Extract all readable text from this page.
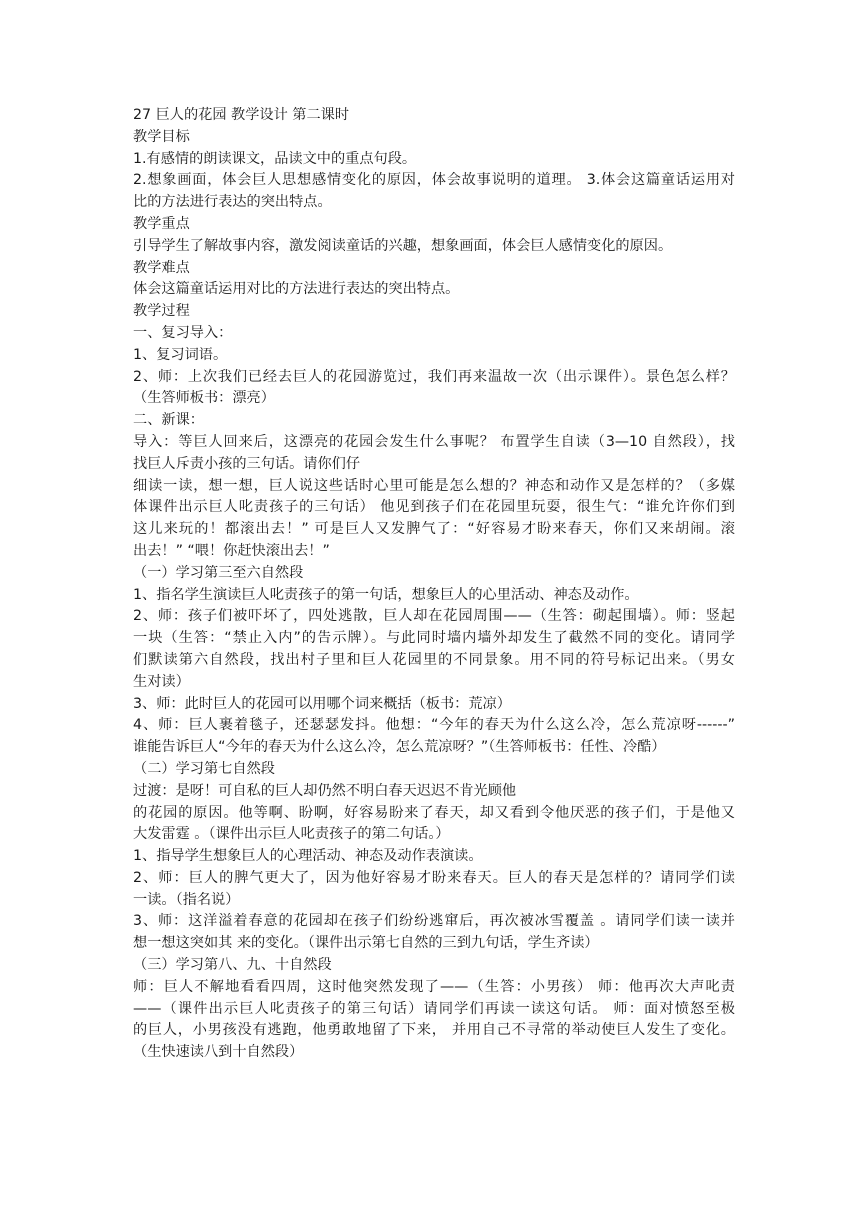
27 巨人的花园 教学设计 第二课时
教学目标
1.有感情的朗读课文，品读文中的重点句段。
2.想象画面，体会巨人思想感情变化的原因，体会故事说明的道理。 3.体会这篇童话运用对
比的方法进行表达的突出特点。
教学重点
引导学生了解故事内容，激发阅读童话的兴趣，想象画面，体会巨人感情变化的原因。
教学难点
体会这篇童话运用对比的方法进行表达的突出特点。
教学过程
一、复习导入：
1、复习词语。
2、师：上次我们已经去巨人的花园游览过，我们再来温故一次（出示课件）。景色怎么样？
（生答师板书：漂亮）
二、新课：
导入：等巨人回来后，这漂亮的花园会发生什么事呢？ 布置学生自读（3—10 自然段），找
找巨人斥责小孩的三句话。请你们仔
细读一读，想一想，巨人说这些话时心里可能是怎么想的？神态和动作又是怎样的？（多媒
体课件出示巨人叱责孩子的三句话） 他见到孩子们在花园里玩耍，很生气：“谁允许你们到
这儿来玩的！都滚出去！” 可是巨人又发脾气了：“好容易才盼来春天，你们又来胡闹。滚
出去！” “喂！你赶快滚出去！”
（一）学习第三至六自然段
1、指名学生演读巨人叱责孩子的第一句话，想象巨人的心里活动、神态及动作。
2、师：孩子们被吓坏了，四处逃散，巨人却在花园周围——（生答：砌起围墙）。师：竖起
一块（生答：“禁止入内”的告示牌）。与此同时墙内墙外却发生了截然不同的变化。请同学
们默读第六自然段，找出村子里和巨人花园里的不同景象。用不同的符号标记出来。（男女
生对读）
3、师：此时巨人的花园可以用哪个词来概括（板书：荒凉）
4、师：巨人裹着毯子，还瑟瑟发抖。他想：“今年的春天为什么这么冷，怎么荒凉呀------”
谁能告诉巨人“今年的春天为什么这么冷，怎么荒凉呀？”（生答师板书：任性、冷酷）
（二）学习第七自然段
过渡：是呀！可自私的巨人却仍然不明白春天迟迟不肯光顾他
的花园的原因。他等啊、盼啊，好容易盼来了春天，却又看到令他厌恶的孩子们，于是他又
大发雷霆 。（课件出示巨人叱责孩子的第二句话。）
1、指导学生想象巨人的心理活动、神态及动作表演读。
2、师：巨人的脾气更大了，因为他好容易才盼来春天。巨人的春天是怎样的？请同学们读
一读。（指名说）
3、师：这洋溢着春意的花园却在孩子们纷纷逃窜后，再次被冰雪覆盖 。请同学们读一读并
想一想这突如其 来的变化。（课件出示第七自然的三到九句话，学生齐读）
（三）学习第八、九、十自然段
师：巨人不解地看看四周，这时他突然发现了——（生答：小男孩） 师：他再次大声叱责
——（课件出示巨人叱责孩子的第三句话）请同学们再读一读这句话。 师：面对愤怒至极
的巨人，小男孩没有逃跑，他勇敢地留了下来， 并用自己不寻常的举动使巨人发生了变化。
（生快速读八到十自然段）
